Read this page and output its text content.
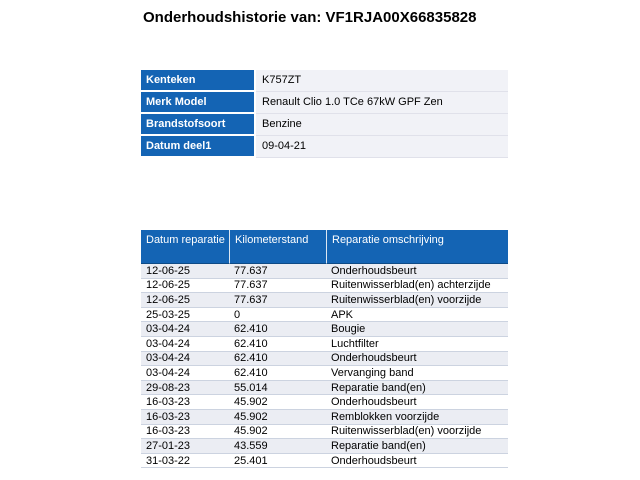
Onderhoudshistorie van: VF1RJA00X66835828
Kenteken	K757ZT
Merk Model	Renault Clio 1.0 TCe 67kW GPF Zen
Brandstofsoort	Benzine
Datum deel1	09-04-21
Datum reparatie	Kilometerstand	Reparatie omschrijving
12-06-25	77.637	Onderhoudsbeurt
12-06-25	77.637	Ruitenwisserblad(en) achterzijde
12-06-25	77.637	Ruitenwisserblad(en) voorzijde
25-03-25	0	APK
03-04-24	62.410	Bougie
03-04-24	62.410	Luchtfilter
03-04-24	62.410	Onderhoudsbeurt
03-04-24	62.410	Vervanging band
29-08-23	55.014	Reparatie band(en)
16-03-23	45.902	Onderhoudsbeurt
16-03-23	45.902	Remblokken voorzijde
16-03-23	45.902	Ruitenwisserblad(en) voorzijde
27-01-23	43.559	Reparatie band(en)
31-03-22	25.401	Onderhoudsbeurt
